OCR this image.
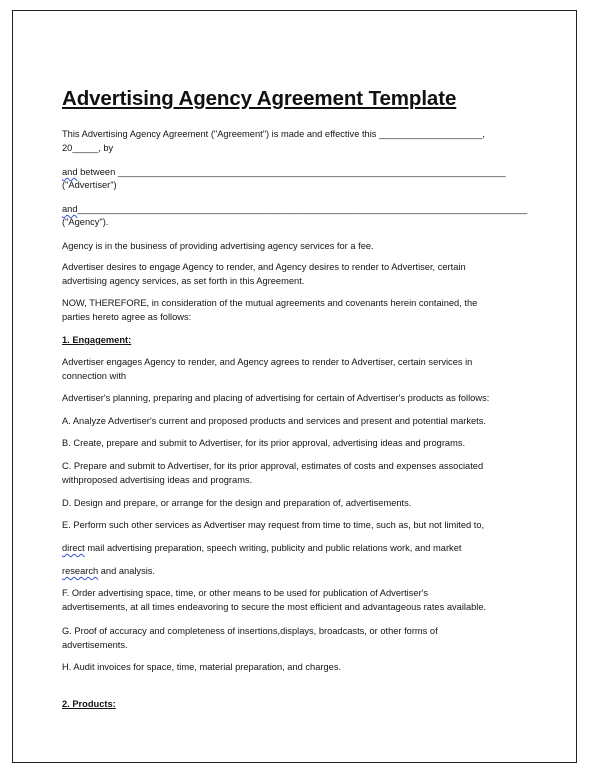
Advertising Agency Agreement Template
This Advertising Agency Agreement ("Agreement") is made and effective this ____________________,
20_____, by
and between ___________________________________________________________________________
("Advertiser")
and_______________________________________________________________________________________
("Agency").
Agency is in the business of providing advertising agency services for a fee.
Advertiser desires to engage Agency to render, and Agency desires to render to Advertiser, certain
advertising agency services, as set forth in this Agreement.
NOW, THEREFORE, in consideration of the mutual agreements and covenants herein contained, the
parties hereto agree as follows:
1. Engagement:
Advertiser engages Agency to render, and Agency agrees to render to Advertiser, certain services in
connection with
Advertiser's planning, preparing and placing of advertising for certain of Advertiser's products as follows:
A. Analyze Advertiser's current and proposed products and services and present and potential markets.
B. Create, prepare and submit to Advertiser, for its prior approval, advertising ideas and programs.
C. Prepare and submit to Advertiser, for its prior approval, estimates of costs and expenses associated
withproposed advertising ideas and programs.
D. Design and prepare, or arrange for the design and preparation of, advertisements.
E. Perform such other services as Advertiser may request from time to time, such as, but not limited to,
direct mail advertising preparation, speech writing, publicity and public relations work, and market
research and analysis.
F. Order advertising space, time, or other means to be used for publication of Advertiser's
advertisements, at all times endeavoring to secure the most efficient and advantageous rates available.
G. Proof of accuracy and completeness of insertions,displays, broadcasts, or other forms of
advertisements.
H. Audit invoices for space, time, material preparation, and charges.
2. Products:
